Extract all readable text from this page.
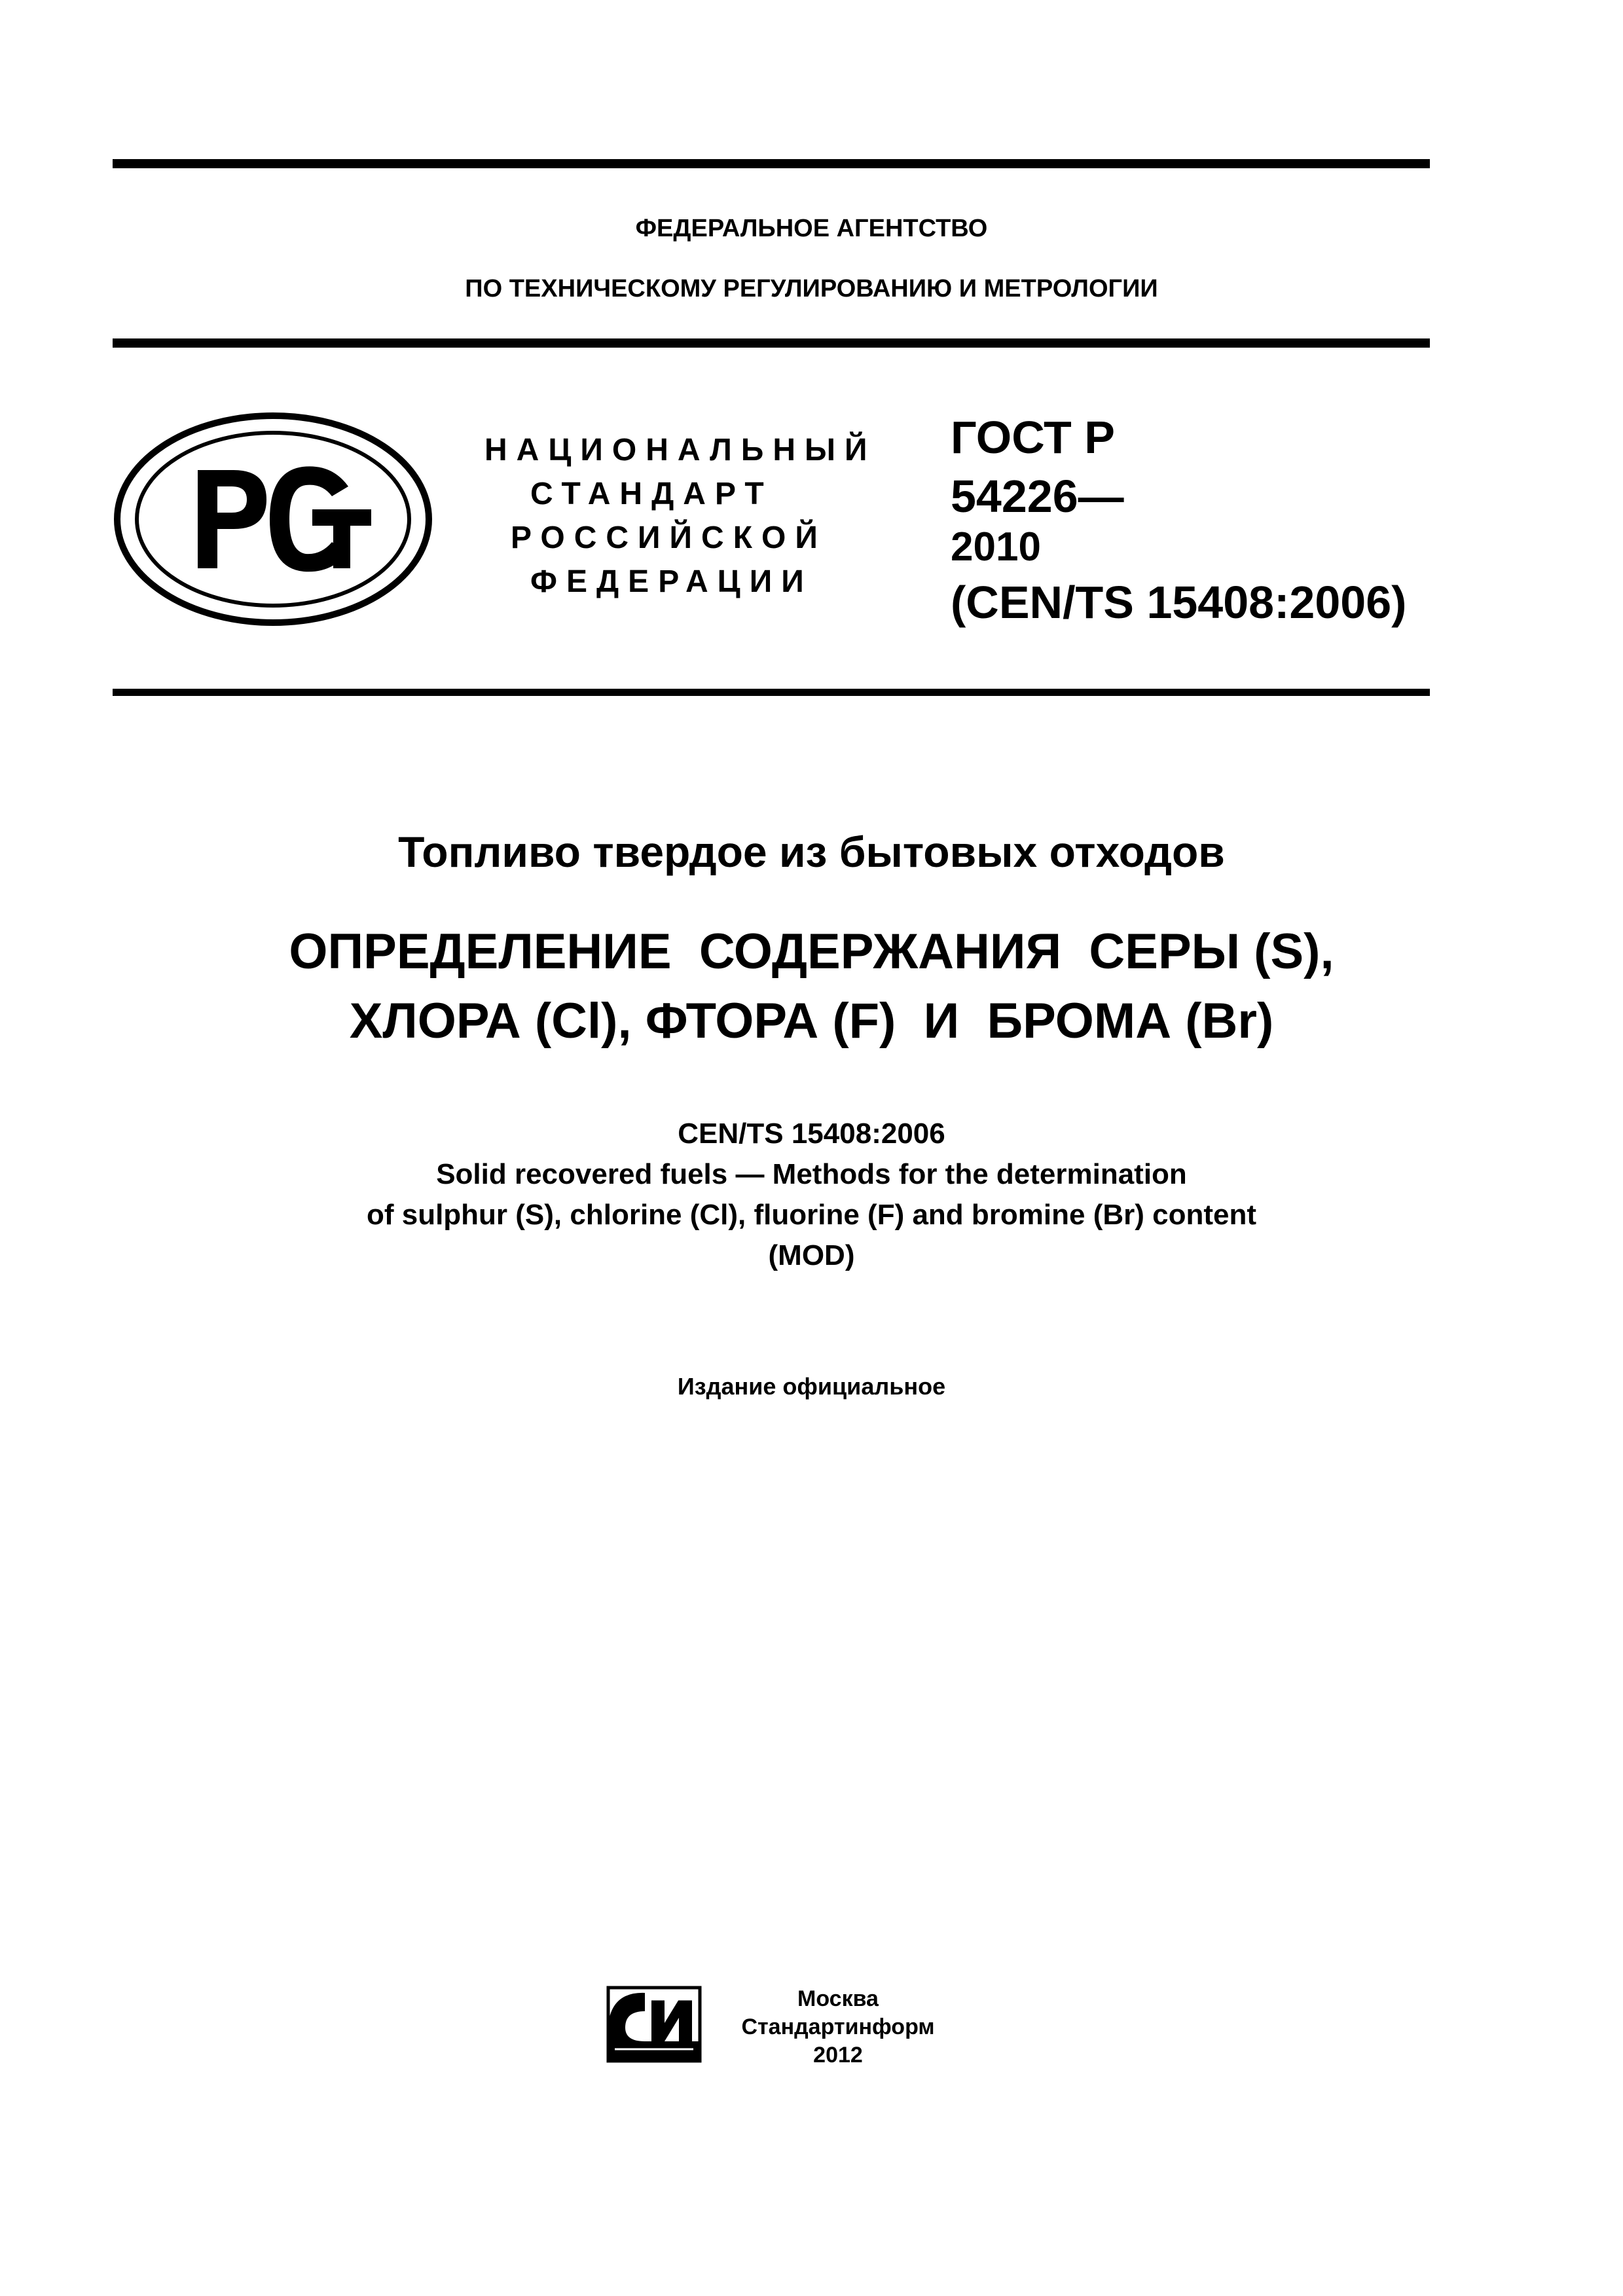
ФЕДЕРАЛЬНОЕ АГЕНТСТВО
ПО ТЕХНИЧЕСКОМУ РЕГУЛИРОВАНИЮ И МЕТРОЛОГИИ
НАЦИОНАЛЬНЫЙ
СТАНДАРТ
РОССИЙСКОЙ
ФЕДЕРАЦИИ
ГОСТ Р
54226—
2010
(CEN/TS 15408:2006)
Топливо твердое из бытовых отходов
ОПРЕДЕЛЕНИЕ  СОДЕРЖАНИЯ  СЕРЫ (S),
ХЛОРА (Cl), ФТОРА (F)  И  БРОМА (Br)
CEN/TS 15408:2006
Solid recovered fuels — Methods for the determination
of sulphur (S), chlorine (Cl), fluorine (F) and bromine (Br) content
(MOD)
Издание официальное
Москва
Стандартинформ
2012
